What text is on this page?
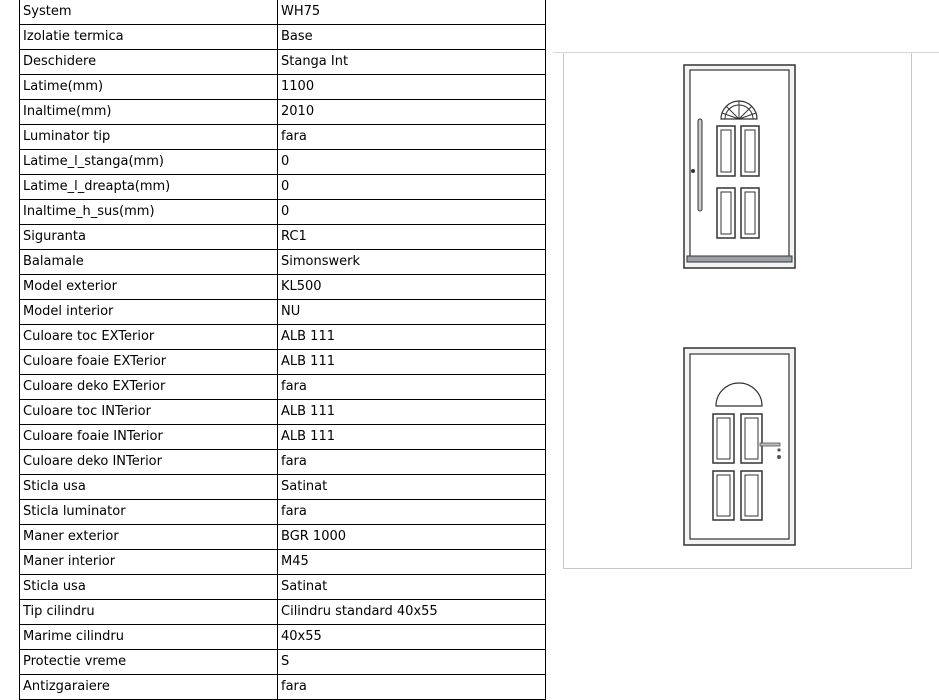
System	WH75
Izolatie termica	Base
Deschidere	Stanga Int
Latime(mm)	1100
Inaltime(mm)	2010
Luminator tip	fara
Latime_l_stanga(mm)	0
Latime_l_dreapta(mm)	0
Inaltime_h_sus(mm)	0
Siguranta	RC1
Balamale	Simonswerk
Model exterior	KL500
Model interior	NU
Culoare toc EXTerior	ALB 111
Culoare foaie EXTerior	ALB 111
Culoare deko EXTerior	fara
Culoare toc INTerior	ALB 111
Culoare foaie INTerior	ALB 111
Culoare deko INTerior	fara
Sticla usa	Satinat
Sticla luminator	fara
Maner exterior	BGR 1000
Maner interior	M45
Sticla usa	Satinat
Tip cilindru	Cilindru standard 40x55
Marime cilindru	40x55
Protectie vreme	S
Antizgaraiere	fara
